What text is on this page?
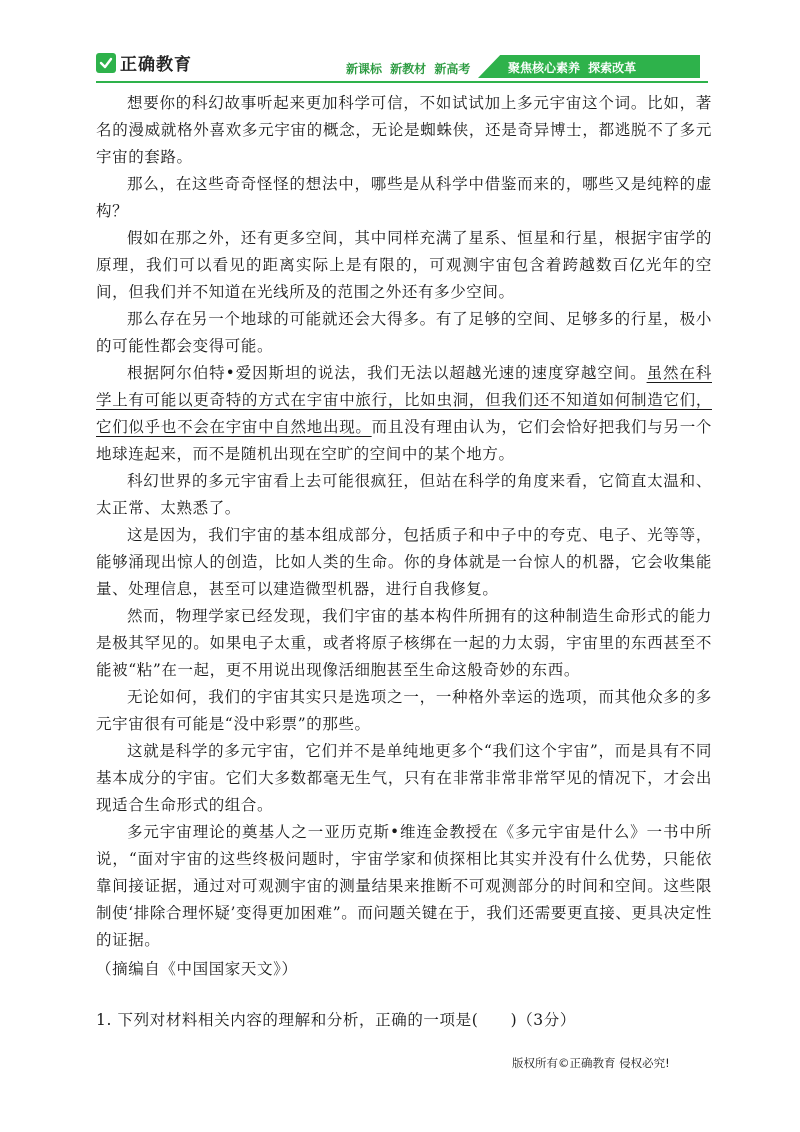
正确教育	新课标 新教材 新高考	聚焦核心素养 探索改革

想要你的科幻故事听起来更加科学可信，不如试试加上多元宇宙这个词。比如，著名的漫威就格外喜欢多元宇宙的概念，无论是蜘蛛侠，还是奇异博士，都逃脱不了多元宇宙的套路。

那么，在这些奇奇怪怪的想法中，哪些是从科学中借鉴而来的，哪些又是纯粹的虚构？

假如在那之外，还有更多空间，其中同样充满了星系、恒星和行星，根据宇宙学的原理，我们可以看见的距离实际上是有限的，可观测宇宙包含着跨越数百亿光年的空间，但我们并不知道在光线所及的范围之外还有多少空间。

那么存在另一个地球的可能就还会大得多。有了足够的空间、足够多的行星，极小的可能性都会变得可能。

根据阿尔伯特•爱因斯坦的说法，我们无法以超越光速的速度穿越空间。虽然在科学上有可能以更奇特的方式在宇宙中旅行，比如虫洞，但我们还不知道如何制造它们，它们似乎也不会在宇宙中自然地出现。而且没有理由认为，它们会恰好把我们与另一个地球连起来，而不是随机出现在空旷的空间中的某个地方。

科幻世界的多元宇宙看上去可能很疯狂，但站在科学的角度来看，它简直太温和、太正常、太熟悉了。

这是因为，我们宇宙的基本组成部分，包括质子和中子中的夸克、电子、光等等，能够涌现出惊人的创造，比如人类的生命。你的身体就是一台惊人的机器，它会收集能量、处理信息，甚至可以建造微型机器，进行自我修复。

然而，物理学家已经发现，我们宇宙的基本构件所拥有的这种制造生命形式的能力是极其罕见的。如果电子太重，或者将原子核绑在一起的力太弱，宇宙里的东西甚至不能被“粘”在一起，更不用说出现像活细胞甚至生命这般奇妙的东西。

无论如何，我们的宇宙其实只是选项之一，一种格外幸运的选项，而其他众多的多元宇宙很有可能是“没中彩票”的那些。

这就是科学的多元宇宙，它们并不是单纯地更多个“我们这个宇宙”，而是具有不同基本成分的宇宙。它们大多数都毫无生气，只有在非常非常非常罕见的情况下，才会出现适合生命形式的组合。

多元宇宙理论的奠基人之一亚历克斯•维连金教授在《多元宇宙是什么》一书中所说，“面对宇宙的这些终极问题时，宇宙学家和侦探相比其实并没有什么优势，只能依靠间接证据，通过对可观测宇宙的测量结果来推断不可观测部分的时间和空间。这些限制使‘排除合理怀疑’变得更加困难”。而问题关键在于，我们还需要更直接、更具决定性的证据。

（摘编自《中国国家天文》）

1. 下列对材料相关内容的理解和分析，正确的一项是(　　)（3分）
版权所有©正确教育 侵权必究!
